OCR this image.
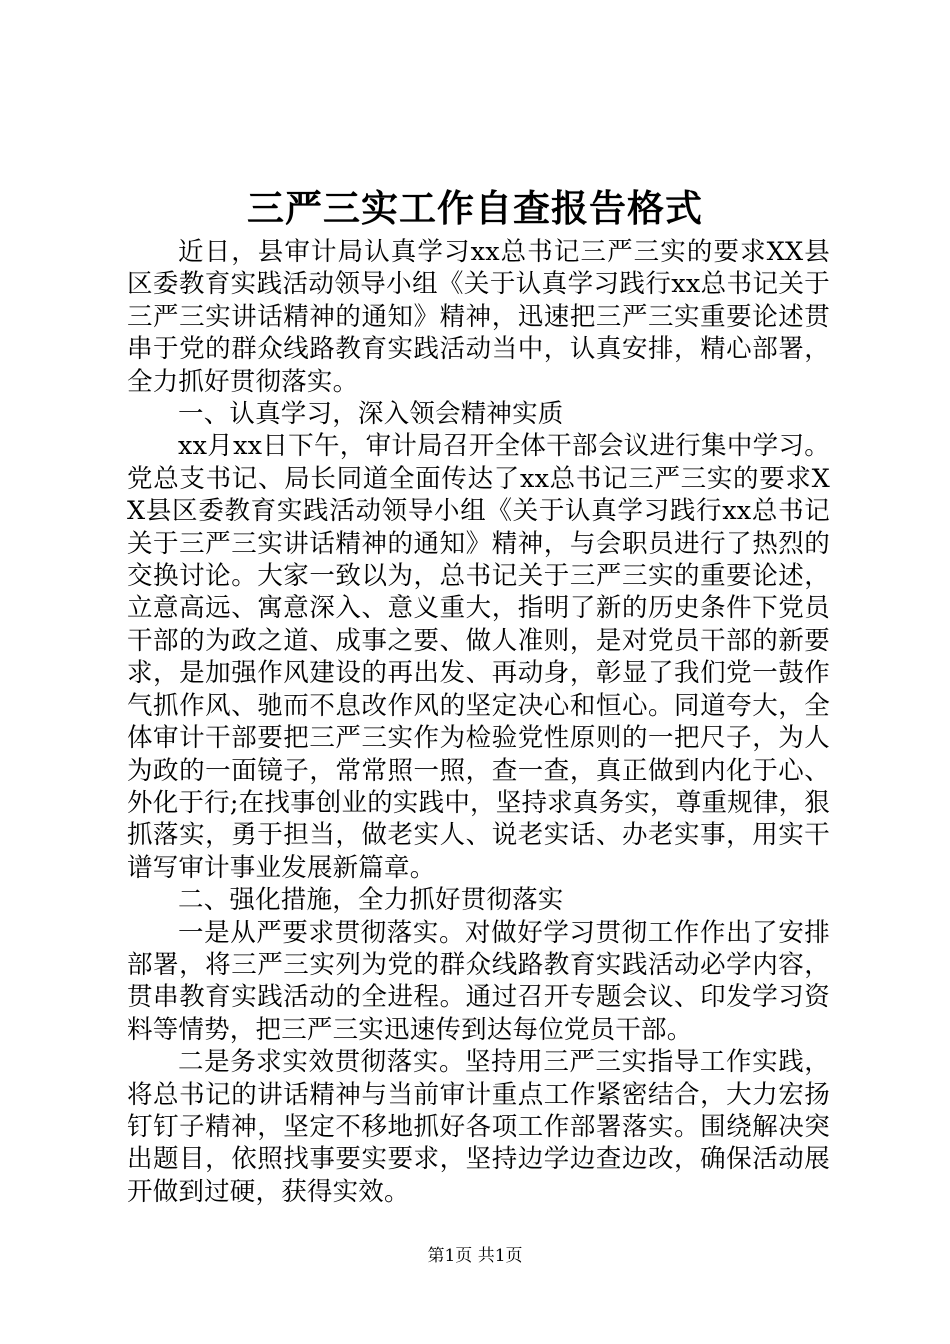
三严三实工作自查报告格式

近日，县审计局认真学习xx总书记三严三实的要求XX县区委教育实践活动领导小组《关于认真学习践行xx总书记关于三严三实讲话精神的通知》精神，迅速把三严三实重要论述贯串于党的群众线路教育实践活动当中，认真安排，精心部署，全力抓好贯彻落实。

一、认真学习，深入领会精神实质

xx月xx日下午，审计局召开全体干部会议进行集中学习。党总支书记、局长同道全面传达了xx总书记三严三实的要求XX县区委教育实践活动领导小组《关于认真学习践行xx总书记关于三严三实讲话精神的通知》精神，与会职员进行了热烈的交换讨论。大家一致以为，总书记关于三严三实的重要论述，立意高远、寓意深入、意义重大，指明了新的历史条件下党员干部的为政之道、成事之要、做人准则，是对党员干部的新要求，是加强作风建设的再出发、再动身，彰显了我们党一鼓作气抓作风、驰而不息改作风的坚定决心和恒心。同道夸大，全体审计干部要把三严三实作为检验党性原则的一把尺子，为人为政的一面镜子，常常照一照，查一查，真正做到内化于心、外化于行;在找事创业的实践中，坚持求真务实，尊重规律，狠抓落实，勇于担当，做老实人、说老实话、办老实事，用实干谱写审计事业发展新篇章。

二、强化措施，全力抓好贯彻落实

一是从严要求贯彻落实。对做好学习贯彻工作作出了安排部署，将三严三实列为党的群众线路教育实践活动必学内容，贯串教育实践活动的全进程。通过召开专题会议、印发学习资料等情势，把三严三实迅速传到达每位党员干部。

二是务求实效贯彻落实。坚持用三严三实指导工作实践，将总书记的讲话精神与当前审计重点工作紧密结合，大力宏扬钉钉子精神，坚定不移地抓好各项工作部署落实。围绕解决突出题目，依照找事要实要求，坚持边学边查边改，确保活动展开做到过硬，获得实效。

第1页 共1页
